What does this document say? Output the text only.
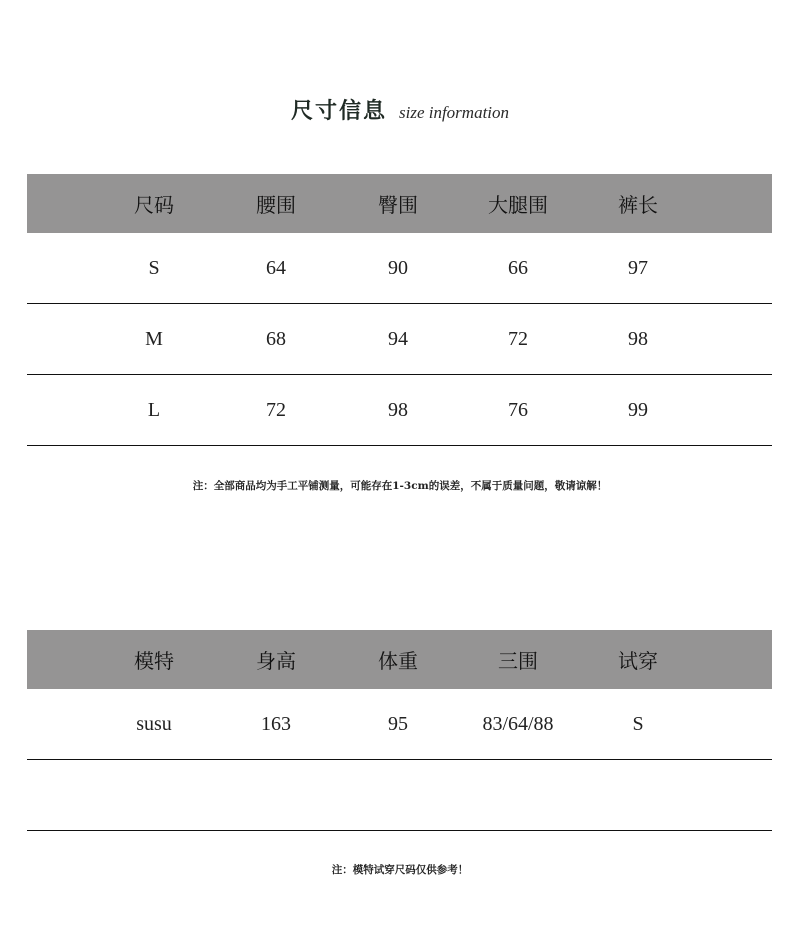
尺寸信息 size information
尺码	腰围	臀围	大腿围	裤长
S	64	90	66	97
M	68	94	72	98
L	72	98	76	99
注：全部商品均为手工平铺测量，可能存在1-3cm的误差，不属于质量问题，敬请谅解！
模特	身高	体重	三围	试穿
susu	163	95	83/64/88	S
注：模特试穿尺码仅供参考！
